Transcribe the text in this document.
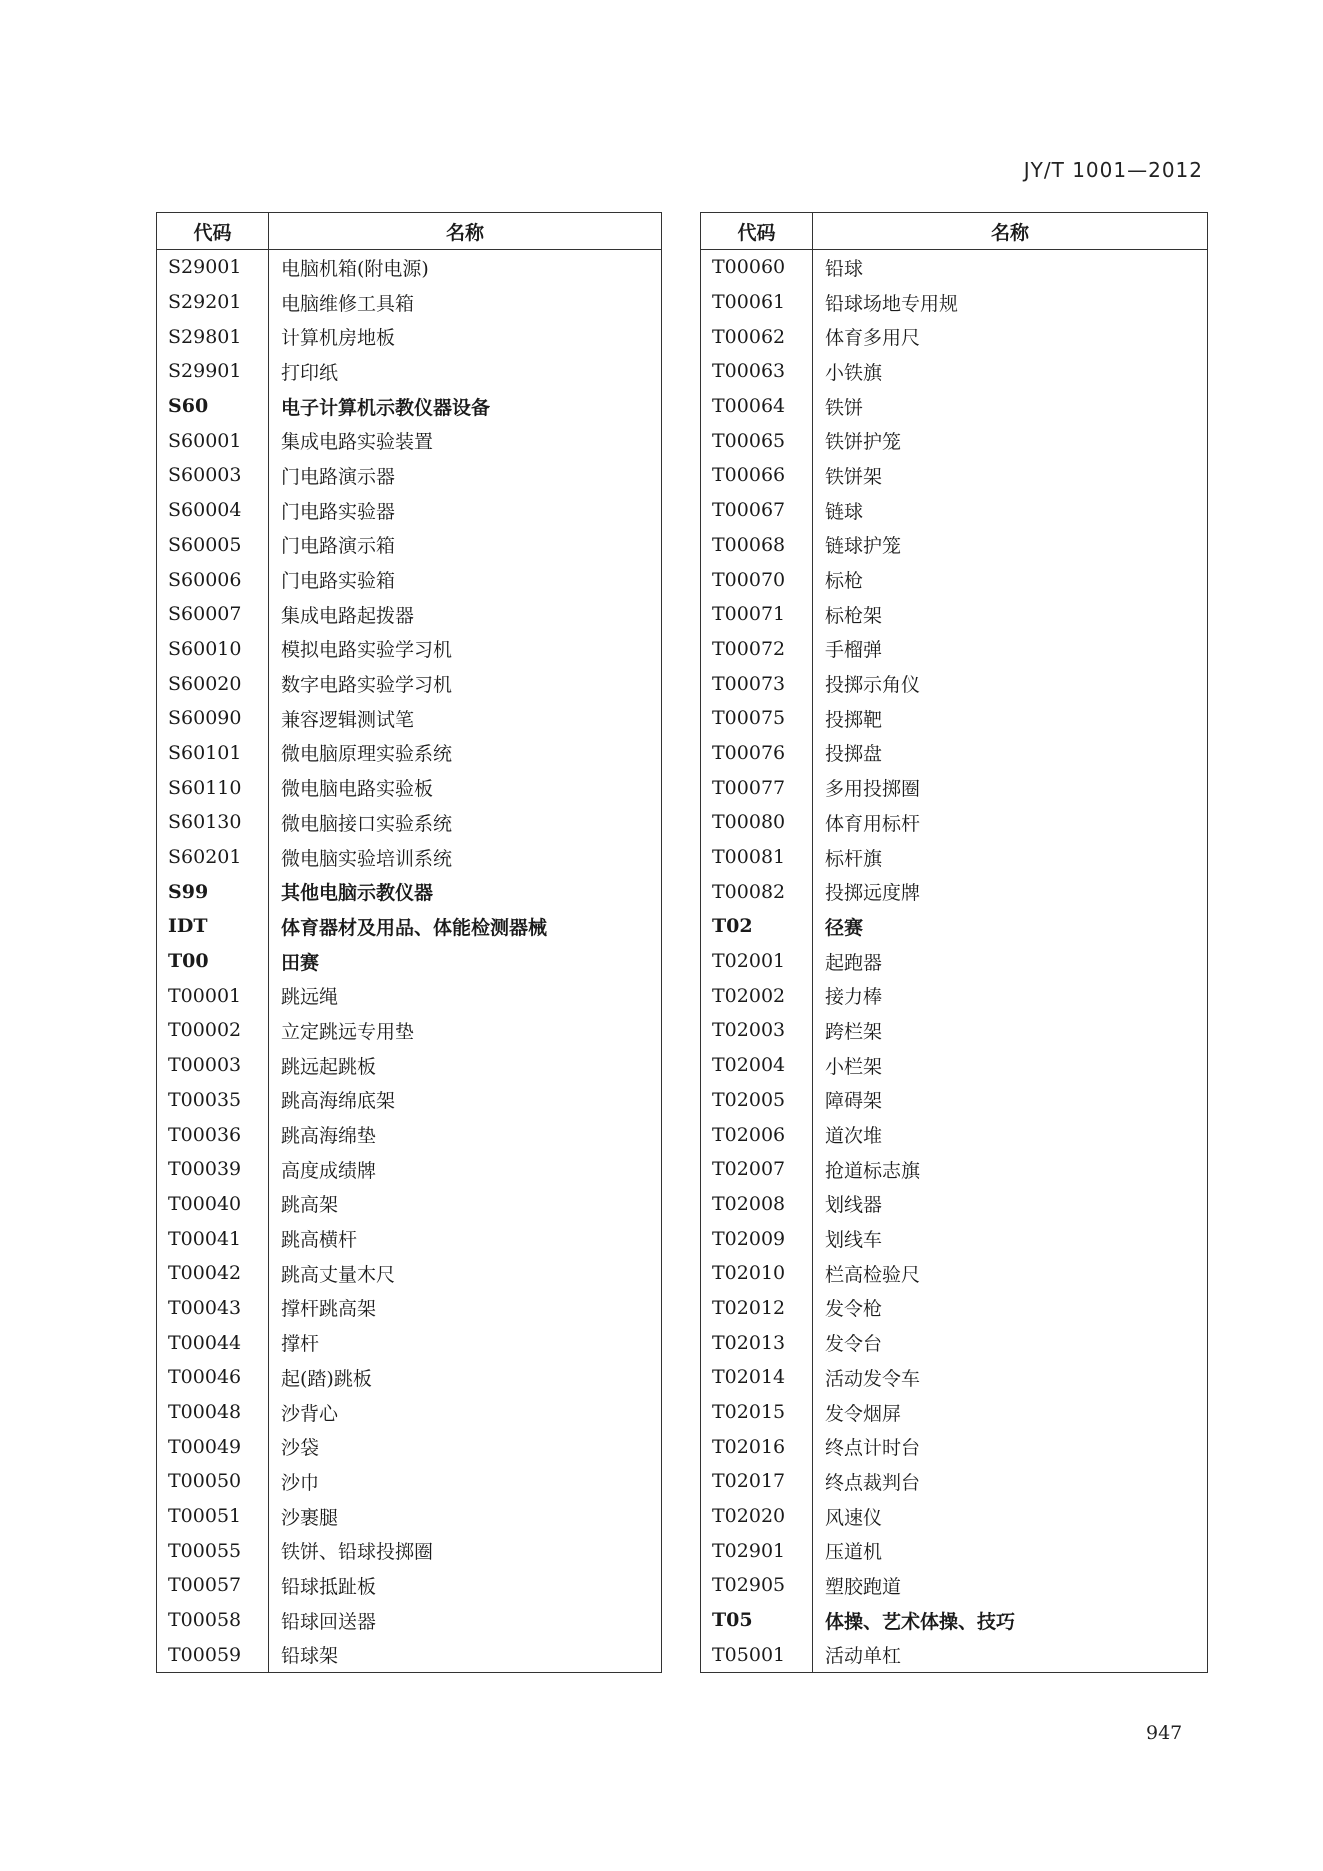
JY/T 1001—2012
代码	名称
S29001	电脑机箱(附电源)
S29201	电脑维修工具箱
S29801	计算机房地板
S29901	打印纸
S60	电子计算机示教仪器设备
S60001	集成电路实验装置
S60003	门电路演示器
S60004	门电路实验器
S60005	门电路演示箱
S60006	门电路实验箱
S60007	集成电路起拨器
S60010	模拟电路实验学习机
S60020	数字电路实验学习机
S60090	兼容逻辑测试笔
S60101	微电脑原理实验系统
S60110	微电脑电路实验板
S60130	微电脑接口实验系统
S60201	微电脑实验培训系统
S99	其他电脑示教仪器
IDT	体育器材及用品、体能检测器械
T00	田赛
T00001	跳远绳
T00002	立定跳远专用垫
T00003	跳远起跳板
T00035	跳高海绵底架
T00036	跳高海绵垫
T00039	高度成绩牌
T00040	跳高架
T00041	跳高横杆
T00042	跳高丈量木尺
T00043	撑杆跳高架
T00044	撑杆
T00046	起(踏)跳板
T00048	沙背心
T00049	沙袋
T00050	沙巾
T00051	沙裹腿
T00055	铁饼、铅球投掷圈
T00057	铅球抵趾板
T00058	铅球回送器
T00059	铅球架
代码	名称
T00060	铅球
T00061	铅球场地专用规
T00062	体育多用尺
T00063	小铁旗
T00064	铁饼
T00065	铁饼护笼
T00066	铁饼架
T00067	链球
T00068	链球护笼
T00070	标枪
T00071	标枪架
T00072	手榴弹
T00073	投掷示角仪
T00075	投掷靶
T00076	投掷盘
T00077	多用投掷圈
T00080	体育用标杆
T00081	标杆旗
T00082	投掷远度牌
T02	径赛
T02001	起跑器
T02002	接力棒
T02003	跨栏架
T02004	小栏架
T02005	障碍架
T02006	道次堆
T02007	抢道标志旗
T02008	划线器
T02009	划线车
T02010	栏高检验尺
T02012	发令枪
T02013	发令台
T02014	活动发令车
T02015	发令烟屏
T02016	终点计时台
T02017	终点裁判台
T02020	风速仪
T02901	压道机
T02905	塑胶跑道
T05	体操、艺术体操、技巧
T05001	活动单杠
947
